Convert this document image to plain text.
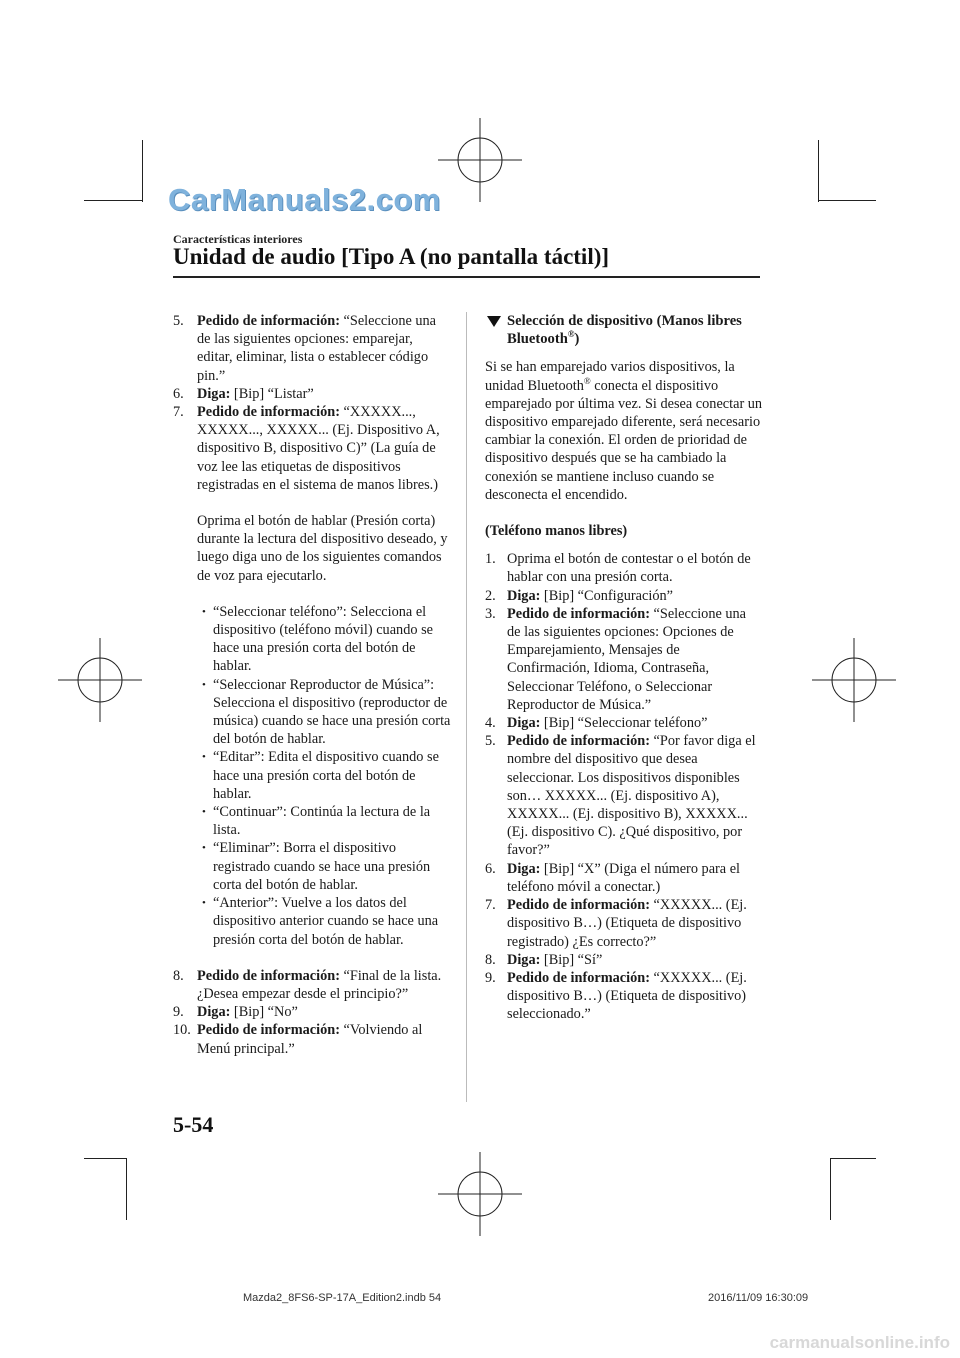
CarManuals2.com
Características interiores
Unidad de audio [Tipo A (no pantalla táctil)]
5. Pedido de información: “Seleccione una de las siguientes opciones: emparejar, editar, eliminar, lista o establecer código pin.”
6. Diga: [Bip] “Listar”
7. Pedido de información: “XXXXX..., XXXXX..., XXXXX... (Ej. Dispositivo A, dispositivo B, dispositivo C)” (La guía de voz lee las etiquetas de dispositivos registradas en el sistema de manos libres.)
Oprima el botón de hablar (Presión corta) durante la lectura del dispositivo deseado, y luego diga uno de los siguientes comandos de voz para ejecutarlo.
• “Seleccionar teléfono”: Selecciona el dispositivo (teléfono móvil) cuando se hace una presión corta del botón de hablar.
• “Seleccionar Reproductor de Música”: Selecciona el dispositivo (reproductor de música) cuando se hace una presión corta del botón de hablar.
• “Editar”: Edita el dispositivo cuando se hace una presión corta del botón de hablar.
• “Continuar”: Continúa la lectura de la lista.
• “Eliminar”: Borra el dispositivo registrado cuando se hace una presión corta del botón de hablar.
• “Anterior”: Vuelve a los datos del dispositivo anterior cuando se hace una presión corta del botón de hablar.
8. Pedido de información: “Final de la lista. ¿Desea empezar desde el principio?”
9. Diga: [Bip] “No”
10. Pedido de información: “Volviendo al Menú principal.”
Selección de dispositivo (Manos libres Bluetooth®)
Si se han emparejado varios dispositivos, la unidad Bluetooth® conecta el dispositivo emparejado por última vez. Si desea conectar un dispositivo emparejado diferente, será necesario cambiar la conexión. El orden de prioridad de dispositivo después que se ha cambiado la conexión se mantiene incluso cuando se desconecta el encendido.
(Teléfono manos libres)
1. Oprima el botón de contestar o el botón de hablar con una presión corta.
2. Diga: [Bip] “Configuración”
3. Pedido de información: “Seleccione una de las siguientes opciones: Opciones de Emparejamiento, Mensajes de Confirmación, Idioma, Contraseña, Seleccionar Teléfono, o Seleccionar Reproductor de Música.”
4. Diga: [Bip] “Seleccionar teléfono”
5. Pedido de información: “Por favor diga el nombre del dispositivo que desea seleccionar. Los dispositivos disponibles son… XXXXX... (Ej. dispositivo A), XXXXX... (Ej. dispositivo B), XXXXX... (Ej. dispositivo C). ¿Qué dispositivo, por favor?”
6. Diga: [Bip] “X” (Diga el número para el teléfono móvil a conectar.)
7. Pedido de información: “XXXXX... (Ej. dispositivo B…) (Etiqueta de dispositivo registrado) ¿Es correcto?”
8. Diga: [Bip] “Sí”
9. Pedido de información: “XXXXX... (Ej. dispositivo B…) (Etiqueta de dispositivo) seleccionado.”
5-54
Mazda2_8FS6-SP-17A_Edition2.indb 54	2016/11/09 16:30:09
carmanualsonline.info
